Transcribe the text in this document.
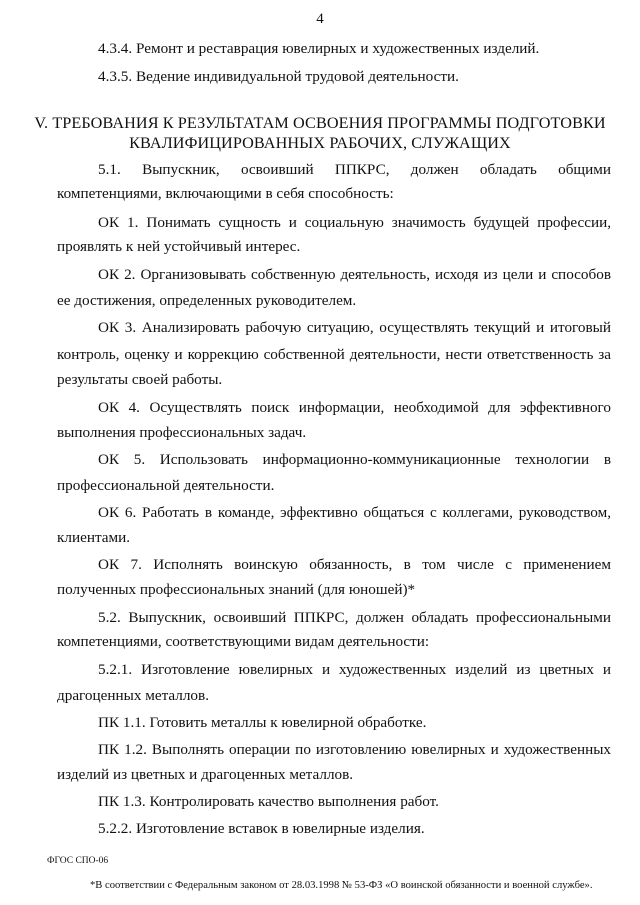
4
4.3.4. Ремонт и реставрация ювелирных и художественных изделий.
4.3.5. Ведение индивидуальной трудовой деятельности.
V. ТРЕБОВАНИЯ К РЕЗУЛЬТАТАМ ОСВОЕНИЯ ПРОГРАММЫ ПОДГОТОВКИ
КВАЛИФИЦИРОВАННЫХ РАБОЧИХ, СЛУЖАЩИХ
5.1. Выпускник, освоивший ППКРС, должен обладать общими
компетенциями, включающими в себя способность:
ОК 1. Понимать сущность и социальную значимость будущей профессии,
проявлять к ней устойчивый интерес.
ОК 2. Организовывать собственную деятельность, исходя из цели и способов
ее достижения, определенных руководителем.
ОК 3. Анализировать рабочую ситуацию, осуществлять текущий и итоговый
контроль, оценку и коррекцию собственной деятельности, нести ответственность за
результаты своей работы.
ОК 4. Осуществлять поиск информации, необходимой для эффективного
выполнения профессиональных задач.
ОК 5. Использовать информационно-коммуникационные технологии в
профессиональной деятельности.
ОК 6. Работать в команде, эффективно общаться с коллегами, руководством,
клиентами.
ОК 7. Исполнять воинскую обязанность, в том числе с применением
полученных профессиональных знаний (для юношей)*
5.2. Выпускник, освоивший ППКРС, должен обладать профессиональными
компетенциями, соответствующими видам деятельности:
5.2.1. Изготовление ювелирных и художественных изделий из цветных и
драгоценных металлов.
ПК 1.1. Готовить металлы к ювелирной обработке.
ПК 1.2. Выполнять операции по изготовлению ювелирных и художественных
изделий из цветных и драгоценных металлов.
ПК 1.3. Контролировать качество выполнения работ.
5.2.2. Изготовление вставок в ювелирные изделия.
ФГОС СПО-06
*В соответствии с Федеральным законом от 28.03.1998 № 53-ФЗ «О воинской обязанности и военной службе».
